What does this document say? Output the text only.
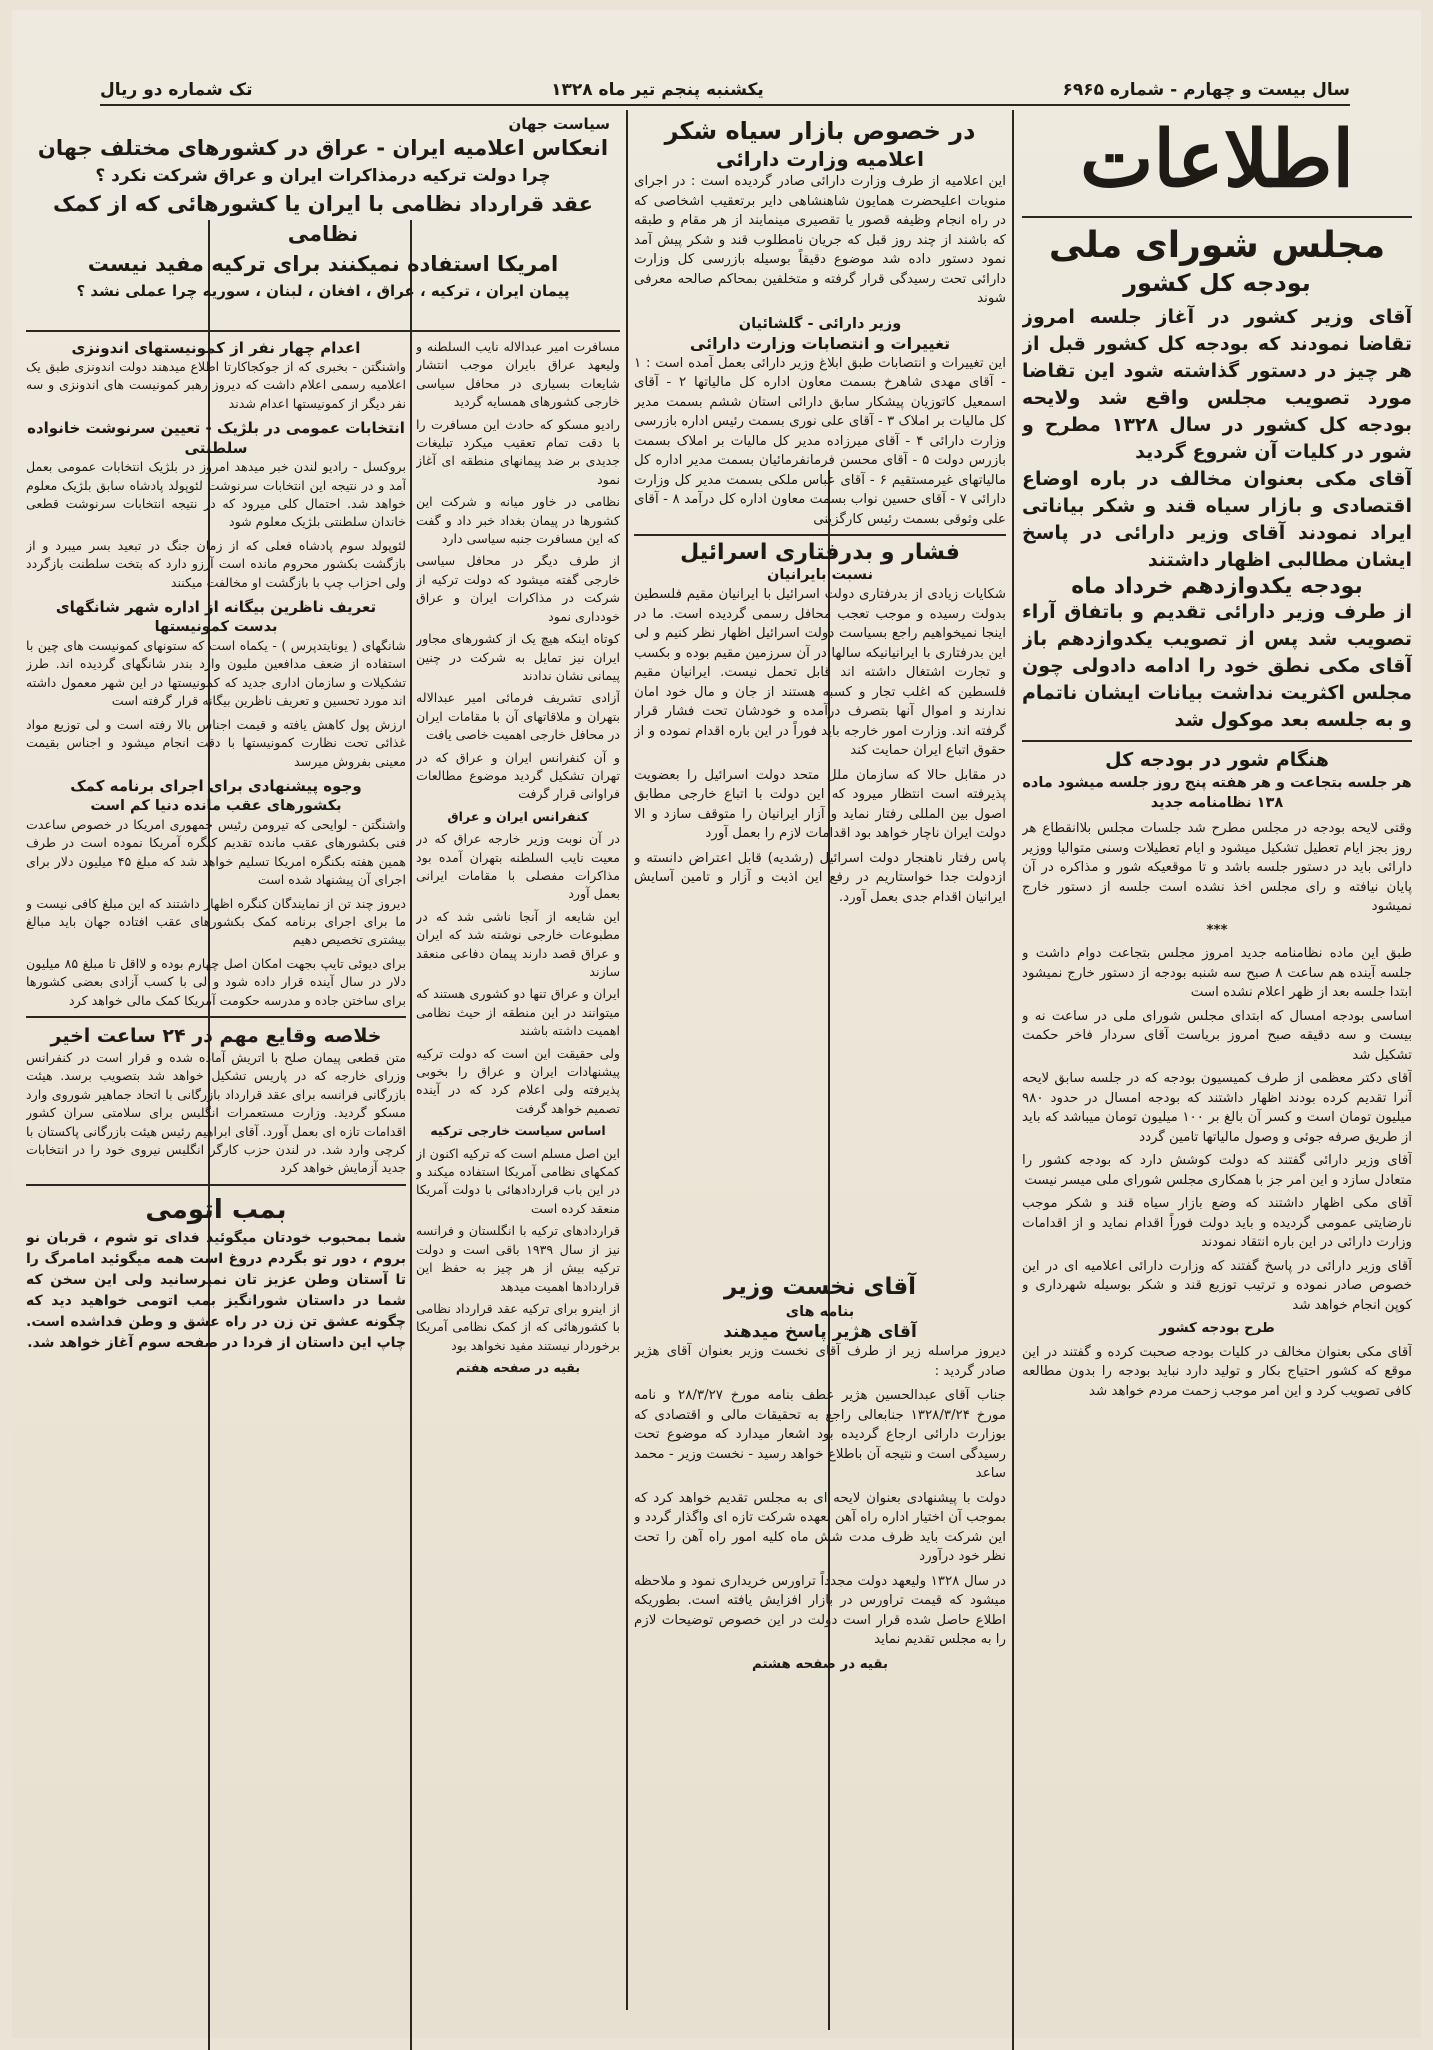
سال بیست و چهارم - شماره ۶۹۶۵
یکشنبه پنجم تیر ماه ۱۳۲۸
تک شماره دو ریال
اطلاعات
مجلس شورای ملی
بودجه کل کشور
آقای وزیر کشور در آغاز جلسه امروز تقاضا نمودند که بودجه کل کشور قبل از هر چیز در دستور گذاشته شود این تقاضا مورد تصویب مجلس واقع شد ولایحه بودجه کل کشور در سال ۱۳۲۸ مطرح و شور در کلیات آن شروع گردید
آقای مکی بعنوان مخالف در باره اوضاع اقتصادی و بازار سیاه قند و شکر بیاناتی ایراد نمودند آقای وزیر دارائی در پاسخ ایشان مطالبی اظهار داشتند
بودجه یکدوازدهم خرداد ماه
از طرف وزیر دارائی تقدیم و باتفاق آراء تصویب شد پس از تصویب یکدوازدهم باز آقای مکی نطق خود را ادامه دادولی چون مجلس اکثریت نداشت بیانات ایشان ناتمام و به جلسه بعد موکول شد
هنگام شور در بودجه کل
هر جلسه بتجاعت و هر هفته پنج روز جلسه میشود ماده ۱۳۸ نظامنامه جدید

وقتی لایحه بودجه در مجلس مطرح شد جلسات مجلس بلاانقطاع هر روز بجز ایام تعطیل تشکیل میشود و ایام تعطیلات وسنی متوالیا ووزیر دارائی باید در دستور جلسه باشد و تا موقعیکه شور و مذاکره در آن پایان نیافته و رای مجلس اخذ نشده است جلسه از دستور خارج نمیشود

***

طبق این ماده نظامنامه جدید امروز مجلس بتجاعت دوام داشت و جلسه آینده هم ساعت ۸ صبح سه شنبه بودجه از دستور خارج نمیشود ابتدا جلسه بعد از ظهر اعلام نشده است

اساسی بودجه امسال که ابتدای مجلس شورای ملی در ساعت نه و بیست و سه دقیقه صبح امروز بریاست آقای سردار فاخر حکمت تشکیل شد

آقای دکتر معظمی از طرف کمیسیون بودجه که در جلسه سابق لایحه آنرا تقدیم کرده بودند اظهار داشتند که بودجه امسال در حدود ۹۸۰ میلیون تومان است و کسر آن بالغ بر ۱۰۰ میلیون تومان میباشد که باید از طریق صرفه جوئی و وصول مالیاتها تامین گردد

آقای وزیر دارائی گفتند که دولت کوشش دارد که بودجه کشور را متعادل سازد و این امر جز با همکاری مجلس شورای ملی میسر نیست

آقای مکی اظهار داشتند که وضع بازار سیاه قند و شکر موجب نارضایتی عمومی گردیده و باید دولت فوراً اقدام نماید و از اقدامات وزارت دارائی در این باره انتقاد نمودند

آقای وزیر دارائی در پاسخ گفتند که وزارت دارائی اعلامیه ای در این خصوص صادر نموده و ترتیب توزیع قند و شکر بوسیله شهرداری و کوپن انجام خواهد شد

طرح بودجه کشور

آقای مکی بعنوان مخالف در کلیات بودجه صحبت کرده و گفتند در این موقع که کشور احتیاج بکار و تولید دارد نباید بودجه را بدون مطالعه کافی تصویب کرد و این امر موجب زحمت مردم خواهد شد

در خصوص بازار سیاه شکر
اعلامیه وزارت دارائی

این اعلامیه از طرف وزارت دارائی صادر گردیده است : در اجرای منویات اعلیحضرت همایون شاهنشاهی دایر برتعقیب اشخاصی که در راه انجام وظیفه قصور یا تقصیری مینمایند از هر مقام و طبقه که باشند از چند روز قبل که جریان نامطلوب قند و شکر پیش آمد نمود دستور داده شد موضوع دقیقاً بوسیله بازرسی کل وزارت دارائی تحت رسیدگی قرار گرفته و متخلفین بمحاکم صالحه معرفی شوند

وزیر دارائی - گلشائیان
تغییرات و انتصابات وزارت دارائی

این تغییرات و انتصابات طبق ابلاغ وزیر دارائی بعمل آمده است : ۱ - آقای مهدی شاهرخ بسمت معاون اداره کل مالیاتها ۲ - آقای اسمعیل کاتوزیان پیشکار سابق دارائی استان ششم بسمت مدیر کل مالیات بر املاک ۳ - آقای علی نوری بسمت رئیس اداره بازرسی وزارت دارائی ۴ - آقای میرزاده مدیر کل مالیات بر املاک بسمت بازرس دولت ۵ - آقای محسن فرمانفرمائیان بسمت مدیر اداره کل مالیاتهای غیرمستقیم ۶ - آقای عباس ملکی بسمت مدیر کل وزارت دارائی ۷ - آقای حسین نواب بسمت معاون اداره کل درآمد ۸ - آقای علی وثوقی بسمت رئیس کارگزینی

فشار و بدرفتاری اسرائیل
نسبت بایرانیان

شکایات زیادی از بدرفتاری دولت اسرائیل با ایرانیان مقیم فلسطین بدولت رسیده و موجب تعجب محافل رسمی گردیده است. ما در اینجا نمیخواهیم راجع بسیاست دولت اسرائیل اظهار نظر کنیم و لی این بدرفتاری با ایرانیانیکه سالها در آن سرزمین مقیم بوده و بکسب و تجارت اشتغال داشته اند قابل تحمل نیست. ایرانیان مقیم فلسطین که اغلب تجار و کسبه هستند از جان و مال خود امان ندارند و اموال آنها بتصرف درآمده و خودشان تحت فشار قرار گرفته اند. وزارت امور خارجه باید فوراً در این باره اقدام نموده و از حقوق اتباع ایران حمایت کند

در مقابل حالا که سازمان ملل متحد دولت اسرائیل را بعضویت پذیرفته است انتظار میرود که این دولت با اتباع خارجی مطابق اصول بین المللی رفتار نماید و آزار ایرانیان را متوقف سازد و الا دولت ایران ناچار خواهد بود اقدامات لازم را بعمل آورد

پاس رفتار ناهنجار دولت اسرائیل (رشدیه) قابل اعتراض دانسته و ازدولت جدا خواستاریم در رفع این اذیت و آزار و تامین آسایش ایرانیان اقدام جدی بعمل آورد.

آقای نخست وزیر
بنامه های
آقای هژیر پاسخ میدهند

دیروز مراسله زیر از طرف آقای نخست وزیر بعنوان آقای هژیر صادر گردید :

جناب آقای عبدالحسین هژیر عطف بنامه مورخ ۲۸/۳/۲۷ و نامه مورخ ۱۳۲۸/۳/۲۴ جنابعالی راجع به تحقیقات مالی و اقتصادی که بوزارت دارائی ارجاع گردیده بود اشعار میدارد که موضوع تحت رسیدگی است و نتیجه آن باطلاع خواهد رسید - نخست وزیر - محمد ساعد

دولت با پیشنهادی بعنوان لایحه ای به مجلس تقدیم خواهد کرد که بموجب آن اختیار اداره راه آهن بعهده شرکت تازه ای واگذار گردد و این شرکت باید ظرف مدت شش ماه کلیه امور راه آهن را تحت نظر خود درآورد

در سال ۱۳۲۸ ولیعهد دولت مجدداً تراورس خریداری نمود و ملاحظه میشود که قیمت تراورس در بازار افزایش یافته است. بطوریکه اطلاع حاصل شده قرار است دولت در این خصوص توضیحات لازم را به مجلس تقدیم نماید

بقیه در صفحه هشتم

سیاست جهان
انعکاس اعلامیه ایران - عراق در کشورهای مختلف جهان
چرا دولت ترکیه درمذاکرات ایران و عراق شرکت نکرد ؟
عقد قرارداد نظامی با ایران یا کشورهائی که از کمک نظامی
امریکا استفاده نمیکنند برای ترکیه مفید نیست
پیمان ایران ، ترکیه ، عراق ، افغان ، لبنان ، سوریه چرا عملی نشد ؟

مسافرت امیر عبدالاله نایب السلطنه و ولیعهد عراق بایران موجب انتشار شایعات بسیاری در محافل سیاسی خارجی کشورهای همسایه گردید

رادیو مسکو که حادث این مسافرت را با دقت تمام تعقیب میکرد تبلیغات جدیدی بر ضد پیمانهای منطقه ای آغاز نمود

نظامی در خاور میانه و شرکت این کشورها در پیمان بغداد خبر داد و گفت که این مسافرت جنبه سیاسی دارد

از طرف دیگر در محافل سیاسی خارجی گفته میشود که دولت ترکیه از شرکت در مذاکرات ایران و عراق خودداری نمود

کوتاه اینکه هیچ یک از کشورهای مجاور ایران نیز تمایل به شرکت در چنین پیمانی نشان ندادند

آزادی تشریف فرمائی امیر عبدالاله بتهران و ملاقاتهای آن با مقامات ایران در محافل خارجی اهمیت خاصی یافت

و آن کنفرانس ایران و عراق که در تهران تشکیل گردید موضوع مطالعات فراوانی قرار گرفت

کنفرانس ایران و عراق

در آن نوبت وزیر خارجه عراق که در معیت نایب السلطنه بتهران آمده بود مذاکرات مفصلی با مقامات ایرانی بعمل آورد

این شایعه از آنجا ناشی شد که در مطبوعات خارجی نوشته شد که ایران و عراق قصد دارند پیمان دفاعی منعقد سازند

ایران و عراق تنها دو کشوری هستند که میتوانند در این منطقه از حیث نظامی اهمیت داشته باشند

ولی حقیقت این است که دولت ترکیه پیشنهادات ایران و عراق را بخوبی پذیرفته ولی اعلام کرد که در آینده تصمیم خواهد گرفت

اساس سیاست خارجی ترکیه

این اصل مسلم است که ترکیه اکنون از کمکهای نظامی آمریکا استفاده میکند و در این باب قراردادهائی با دولت آمریکا منعقد کرده است

قراردادهای ترکیه با انگلستان و فرانسه نیز از سال ۱۹۳۹ باقی است و دولت ترکیه بیش از هر چیز به حفظ این قراردادها اهمیت میدهد

از اینرو برای ترکیه عقد قرارداد نظامی با کشورهائی که از کمک نظامی آمریکا برخوردار نیستند مفید نخواهد بود

بقیه در صفحه هفتم

اعدام چهار نفر از کمونیستهای اندونزی

واشنگتن - بخبری که از جوکجاکارتا اطلاع میدهند دولت اندونزی طبق یک اعلامیه رسمی اعلام داشت که دیروز رهبر کمونیست های اندونزی و سه نفر دیگر از کمونیستها اعدام شدند

انتخابات عمومی در بلژیک - تعیین سرنوشت خانواده سلطنتی

بروکسل - رادیو لندن خبر میدهد امروز در بلژیک انتخابات عمومی بعمل آمد و در نتیجه این انتخابات سرنوشت لئوپولد پادشاه سابق بلژیک معلوم خواهد شد. احتمال کلی میرود که در نتیجه انتخابات سرنوشت قطعی خاندان سلطنتی بلژیک معلوم شود

لئوپولد سوم پادشاه فعلی که از زمان جنگ در تبعید بسر میبرد و از بازگشت بکشور محروم مانده است آرزو دارد که بتخت سلطنت بازگردد ولی احزاب چپ با بازگشت او مخالفت میکنند

تعریف ناظرین بیگانه از اداره شهر شانگهای
بدست کمونیستها

شانگهای ( یونایتدپرس ) - یکماه است که ستونهای کمونیست های چین با استفاده از ضعف مدافعین ملیون وارد بندر شانگهای گردیده اند. طرز تشکیلات و سازمان اداری جدید که کمونیستها در این شهر معمول داشته اند مورد تحسین و تعریف ناظرین بیگانه قرار گرفته است

ارزش پول کاهش یافته و قیمت اجناس بالا رفته است و لی توزیع مواد غذائی تحت نظارت کمونیستها با دقت انجام میشود و اجناس بقیمت معینی بفروش میرسد

وجوه پیشنهادی برای اجرای برنامه کمک
بکشورهای عقب مانده دنیا کم است

واشنگتن - لوایحی که تیرومن رئیس جمهوری امریکا در خصوص ساعدت فنی بکشورهای عقب مانده تقدیم کنگره آمریکا نموده است در طرف همین هفته بکنگره امریکا تسلیم خواهد شد که مبلغ ۴۵ میلیون دلار برای اجرای آن پیشنهاد شده است

دیروز چند تن از نمایندگان کنگره اظهار داشتند که این مبلغ کافی نیست و ما برای اجرای برنامه کمک بکشورهای عقب افتاده جهان باید مبالغ بیشتری تخصیص دهیم

برای دیوئی تایپ بجهت امکان اصل چهارم بوده و لااقل تا مبلغ ۸۵ میلیون دلار در سال آینده قرار داده شود و لی با کسب آزادی بعضی کشورها برای ساختن جاده و مدرسه حکومت آمریکا کمک مالی خواهد کرد

خلاصه وقایع مهم در ۲۴ ساعت اخیر

متن قطعی پیمان صلح با اتریش آماده شده و قرار است در کنفرانس وزرای خارجه که در پاریس تشکیل خواهد شد بتصویب برسد. هیئت بازرگانی فرانسه برای عقد قرارداد بازرگانی با اتحاد جماهیر شوروی وارد مسکو گردید. وزارت مستعمرات انگلیس برای سلامتی سران کشور اقدامات تازه ای بعمل آورد. آقای ابراهیم رئیس هیئت بازرگانی پاکستان با کرچی وارد شد. در لندن حزب کارگر انگلیس نیروی خود را در انتخابات جدید آزمایش خواهد کرد

بمب اتومی

شما بمحبوب خودتان میگوئید فدای تو شوم ، قربان نو بروم ، دور تو بگردم دروغ است همه میگوئید امامرگ را تا آستان وطن عزیز تان نمیرسانید ولی این سخن که شما در داستان شورانگیز بمب اتومی خواهید دید که چگونه عشق تن زن در راه عشق و وطن فداشده است. چاپ این داستان از فردا در صفحه سوم آغاز خواهد شد.
